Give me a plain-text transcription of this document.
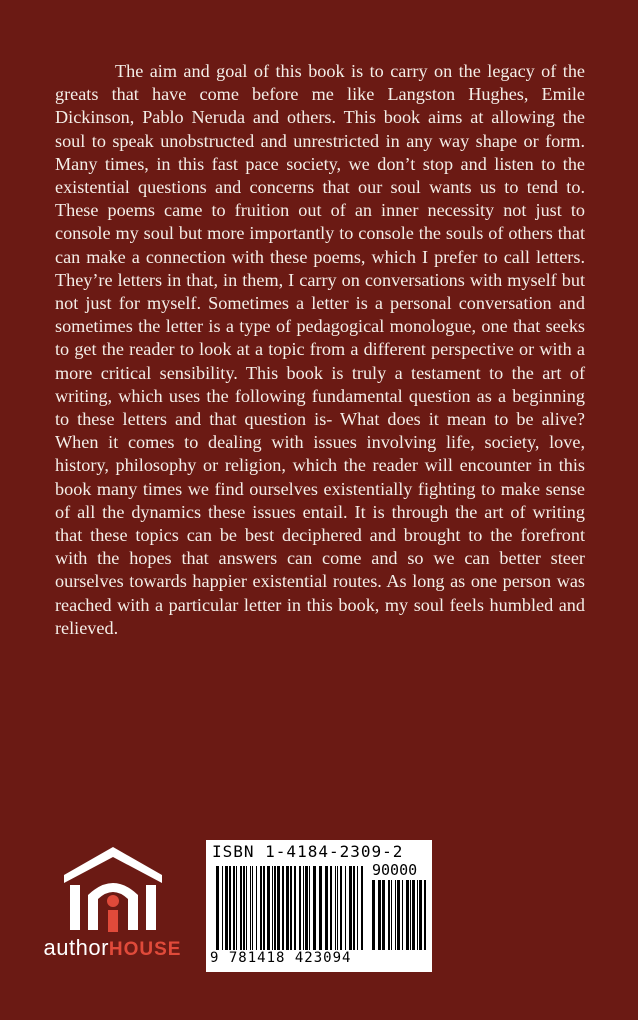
The aim and goal of this book is to carry on the legacy of the greats that have come before me like Langston Hughes, Emile Dickinson, Pablo Neruda and others. This book aims at allowing the soul to speak unobstructed and unrestricted in any way shape or form. Many times, in this fast pace society, we don’t stop and listen to the existential questions and concerns that our soul wants us to tend to. These poems came to fruition out of an inner necessity not just to console my soul but more importantly to console the souls of others that can make a connection with these poems, which I prefer to call letters. They’re letters in that, in them, I carry on conversations with myself but not just for myself. Sometimes a letter is a personal conversation and sometimes the letter is a type of pedagogical monologue, one that seeks to get the reader to look at a topic from a different perspective or with a more critical sensibility. This book is truly a testament to the art of writing, which uses the following fundamental question as a beginning to these letters and that question is- What does it mean to be alive? When it comes to dealing with issues involving life, society, love, history, philosophy or religion, which the reader will encounter in this book many times we find ourselves existentially fighting to make sense of all the dynamics these issues entail. It is through the art of writing that these topics can be best deciphered and brought to the forefront with the hopes that answers can come and so we can better steer ourselves towards happier existential routes. As long as one person was reached with a particular letter in this book, my soul feels humbled and relieved.

authorHOUSE
ISBN 1-4184-2309-2
90000
9 781418 423094
